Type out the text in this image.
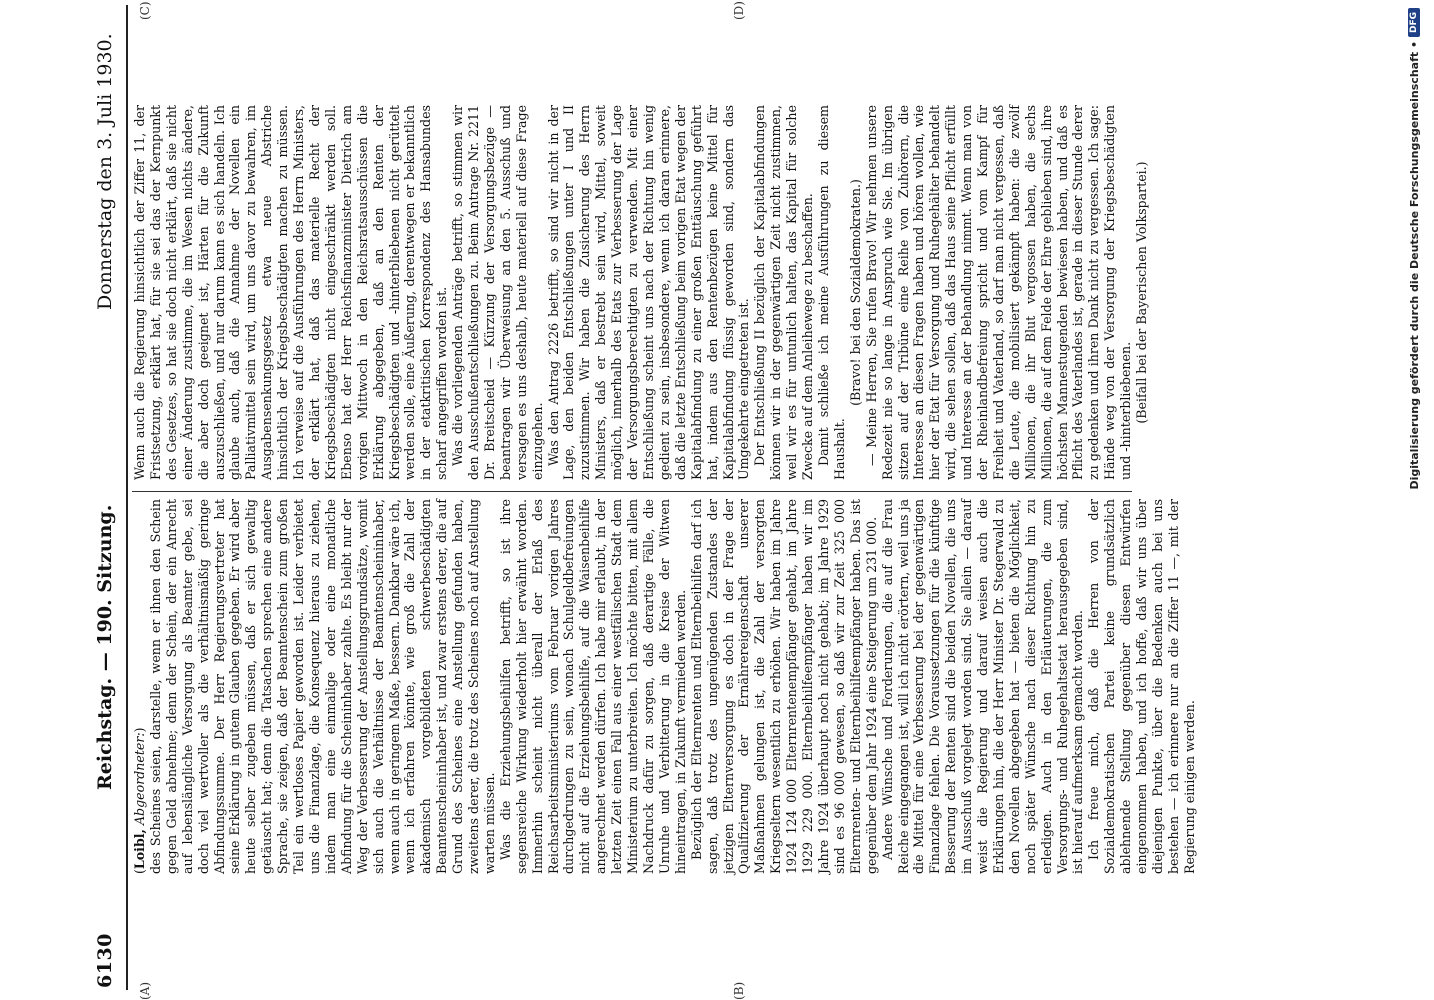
6130
Reichstag. — 190. Sitzung.
Donnerstag den 3. Juli 1930.
(A)	(B)
(C)	(D)

(Loibl, Abgeordneter:) des Scheines seien, darstelle, wenn er ihnen den Schein gegen Geld abnehme; denn der Schein, der ein Anrecht auf lebenslängliche Versorgung als Beamter gebe, sei doch viel wertvoller als die verhältnismäßig geringe Abfindungssumme. Der Herr Regierungsvertreter hat seine Erklärung in gutem Glauben gegeben. Er wird aber heute selber zugeben müssen, daß er sich gewaltig getäuscht hat; denn die Tatsachen sprechen eine andere Sprache, sie zeigen, daß der Beamtenschein zum großen Teil ein wertloses Papier geworden ist. Leider verbietet uns die Finanzlage, die Konsequenz hieraus zu ziehen, indem man eine einmalige oder eine monatliche Abfindung für die Scheininhaber zahlte. Es bleibt nur der Weg der Verbesserung der Anstellungsgrundsätze, womit sich auch die Verhältnisse der Beamtenscheininhaber, wenn auch in geringem Maße, bessern. Dankbar wäre ich, wenn ich erfahren könnte, wie groß die Zahl der akademisch vorgebildeten schwerbeschädigten Beamtenscheininhaber ist, und zwar erstens derer, die auf Grund des Scheines eine Anstellung gefunden haben, zweitens derer, die trotz des Scheines noch auf Anstellung warten müssen. Was die Erziehungsbeihilfen betrifft, so ist ihre segensreiche Wirkung wiederholt hier erwähnt worden. Immerhin scheint nicht überall der Erlaß des Reichsarbeitsministeriums vom Februar vorigen Jahres durchgedrungen zu sein, wonach Schulgeldbefreiungen nicht auf die Erziehungsbeihilfe, auf die Waisenbeihilfe angerechnet werden dürfen. Ich habe mir erlaubt, in der letzten Zeit einen Fall aus einer westfälischen Stadt dem Ministerium zu unterbreiten. Ich möchte bitten, mit allem Nachdruck dafür zu sorgen, daß derartige Fälle, die Unruhe und Verbitterung in die Kreise der Witwen hineintragen, in Zukunft vermieden werden. Bezüglich der Elternrenten und Elternbeihilfen darf ich sagen, daß trotz des ungenügenden Zustandes der jetzigen Elternversorgung es doch in der Frage der Qualifizierung der Ernährereigenschaft unserer Maßnahmen gelungen ist, die Zahl der versorgten Kriegseltern wesentlich zu erhöhen. Wir haben im Jahre 1924 124 000 Elternrentenempfänger gehabt, im Jahre 1929 229 000. Elternbeihilfeempfänger haben wir im Jahre 1924 überhaupt noch nicht gehabt; im Jahre 1929 sind es 96 000 gewesen, so daß wir zur Zeit 325 000 Elternrenten- und Elternbeihilfeempfänger haben. Das ist gegenüber dem Jahr 1924 eine Steigerung um 231 000. Andere Wünsche und Forderungen, die auf die Frau Reiche eingegangen ist, will ich nicht erörtern, weil uns ja die Mittel für eine Verbesserung bei der gegenwärtigen Finanzlage fehlen. Die Voraussetzungen für die künftige Besserung der Renten sind die beiden Novellen, die uns im Ausschuß vorgelegt worden sind. Sie allein — darauf weist die Regierung und darauf weisen auch die Erklärungen hin, die der Herr Minister Dr. Stegerwald zu den Novellen abgegeben hat — bieten die Möglichkeit, noch später Wünsche nach dieser Richtung hin zu erledigen. Auch in den Erläuterungen, die zum Versorgungs- und Ruhegehaltsetat herausgegeben sind, ist hierauf aufmerksam gemacht worden. Ich freue mich, daß die Herren von der Sozialdemokratischen Partei keine grundsätzlich ablehnende Stellung gegenüber diesen Entwürfen eingenommen haben, und ich hoffe, daß wir uns über diejenigen Punkte, über die Bedenken auch bei uns bestehen — ich erinnere nur an die Ziffer 11 —, mit der Regierung einigen werden.

Wenn auch die Regierung hinsichtlich der Ziffer 11, der Fristsetzung, erklärt hat, für sie sei das der Kernpunkt des Gesetzes, so hat sie doch nicht erklärt, daß sie nicht einer Änderung zustimme, die im Wesen nichts ändere, die aber doch geeignet ist, Härten für die Zukunft auszuschließen, und nur darum kann es sich handeln. Ich glaube auch, daß die Annahme der Novellen ein Palliativmittel sein wird, um uns davor zu bewahren, im Ausgabensenkungsgesetz etwa neue Abstriche hinsichtlich der Kriegsbeschädigten machen zu müssen. Ich verweise auf die Ausführungen des Herrn Ministers, der erklärt hat, daß das materielle Recht der Kriegsbeschädigten nicht eingeschränkt werden soll. Ebenso hat der Herr Reichsfinanzminister Dietrich am vorigen Mittwoch in den Reichsratsausschüssen die Erklärung abgegeben, daß an den Renten der Kriegsbeschädigten und -hinterbliebenen nicht gerüttelt werden solle, eine Äußerung, derentwegen er bekanntlich in der etatkritischen Korrespondenz des Hansabundes scharf angegriffen worden ist. Was die vorliegenden Anträge betrifft, so stimmen wir den Ausschußentschließungen zu. Beim Antrage Nr. 2211 Dr. Breitscheid — Kürzung der Versorgungsbezüge — beantragen wir Überweisung an den 5. Ausschuß und versagen es uns deshalb, heute materiell auf diese Frage einzugehen. Was den Antrag 2226 betrifft, so sind wir nicht in der Lage, den beiden Entschließungen unter I und II zuzustimmen. Wir haben die Zusicherung des Herrn Ministers, daß er bestrebt sein wird, Mittel, soweit möglich, innerhalb des Etats zur Verbesserung der Lage der Versorgungsberechtigten zu verwenden. Mit einer Entschließung scheint uns nach der Richtung hin wenig gedient zu sein, insbesondere, wenn ich daran erinnere, daß die letzte Entschließung beim vorigen Etat wegen der Kapitalabfindung zu einer großen Enttäuschung geführt hat, indem aus den Rentenbezügen keine Mittel für Kapitalabfindung flüssig geworden sind, sondern das Umgekehrte eingetreten ist. Der Entschließung II bezüglich der Kapitalabfindungen können wir in der gegenwärtigen Zeit nicht zustimmen, weil wir es für untunlich halten, das Kapital für solche Zwecke auf dem Anleihewege zu beschaffen. Damit schließe ich meine Ausführungen zu diesem Haushalt.

(Bravo! bei den Sozialdemokraten.) — Meine Herren, Sie rufen Bravo! Wir nehmen unsere Redezeit nie so lange in Anspruch wie Sie. Im übrigen sitzen auf der Tribüne eine Reihe von Zuhörern, die Interesse an diesen Fragen haben und hören wollen, wie hier der Etat für Versorgung und Ruhegehälter behandelt wird, die sehen sollen, daß das Haus seine Pflicht erfüllt und Interesse an der Behandlung nimmt. Wenn man von der Rheinlandbefreiung spricht und vom Kampf für Freiheit und Vaterland, so darf man nicht vergessen, daß die Leute, die mobilisiert gekämpft haben: die zwölf Millionen, die ihr Blut vergossen haben, die sechs Millionen, die auf dem Felde der Ehre geblieben sind, ihre höchsten Mannestugenden bewiesen haben, und daß es Pflicht des Vaterlandes ist, gerade in dieser Stunde derer zu gedenken und ihren Dank nicht zu vergessen. Ich sage: Hände weg von der Versorgung der Kriegsbeschädigten und -hinterbliebenen. (Beifall bei der Bayerischen Volkspartei.)	Digitalisierung gefördert durch die Deutsche Forschungsgemeinschaft •
DFG
